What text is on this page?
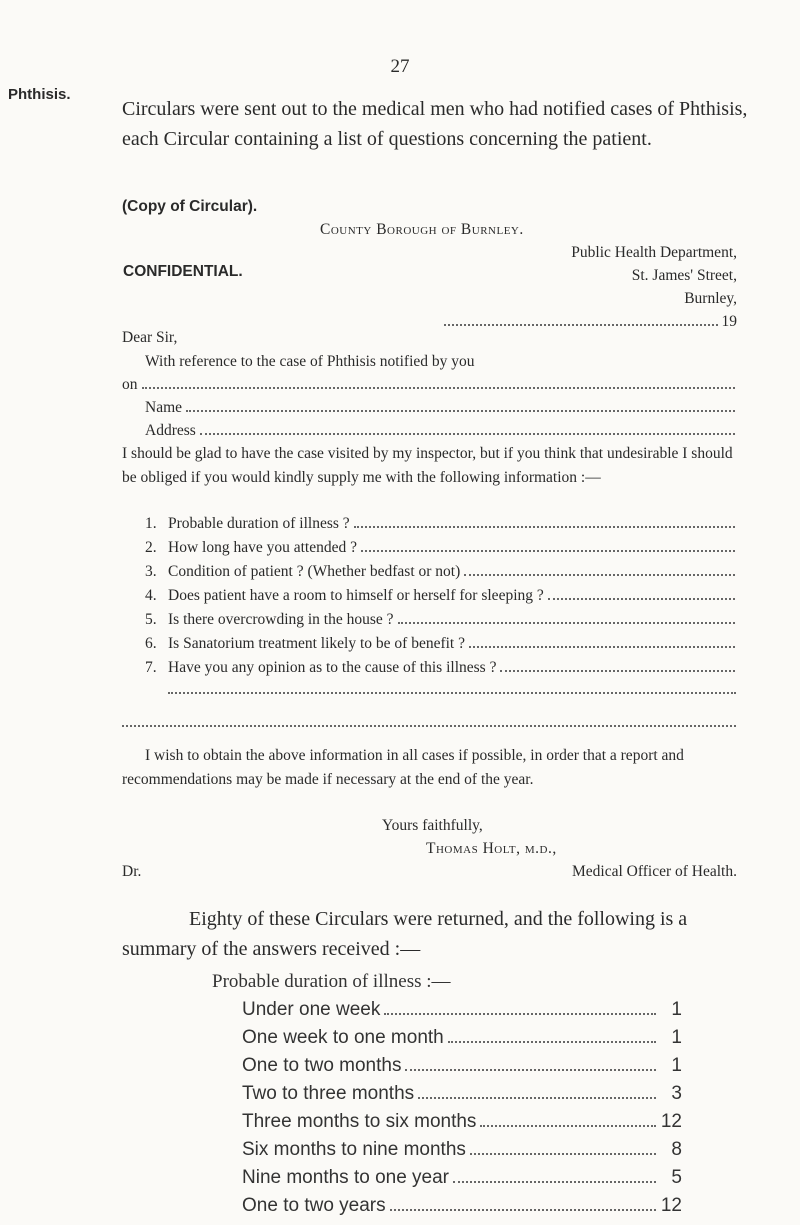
27
Phthisis.
Circulars were sent out to the medical men who had notified cases of Phthisis, each Circular containing a list of questions concerning the patient.
(Copy of Circular).
County Borough of Burnley.
Public Health Department,
CONFIDENTIAL.	St. James' Street,
Burnley,
19
Dear Sir,
With reference to the case of Phthisis notified by you
on
Name
Address
I should be glad to have the case visited by my inspector, but if you think that undesirable I should be obliged if you would kindly supply me with the following information :—
1. Probable duration of illness ?
2. How long have you attended ?
3. Condition of patient ? (Whether bedfast or not)
4. Does patient have a room to himself or herself for sleeping ?
5. Is there overcrowding in the house ?
6. Is Sanatorium treatment likely to be of benefit ?
7. Have you any opinion as to the cause of this illness ?
I wish to obtain the above information in all cases if possible, in order that a report and recommendations may be made if necessary at the end of the year.
Yours faithfully,
Thomas Holt, m.d.,
Dr.	Medical Officer of Health.
Eighty of these Circulars were returned, and the following is a summary of the answers received :—
Probable duration of illness :—
Under one week	1
One week to one month	1
One to two months	1
Two to three months	3
Three months to six months	12
Six months to nine months	8
Nine months to one year	5
One to two years	12
